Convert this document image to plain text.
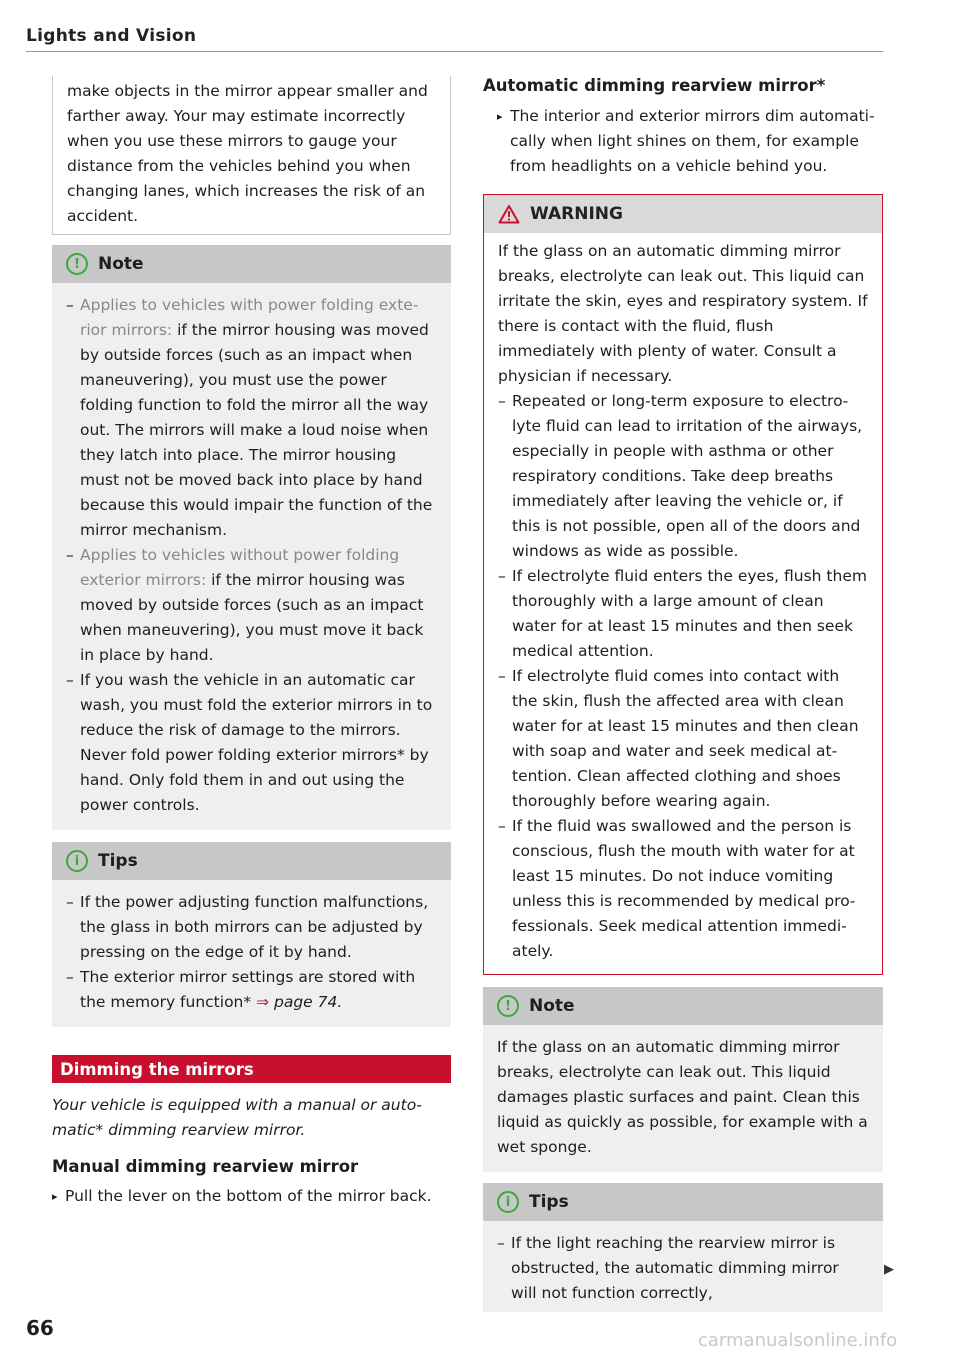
Lights and Vision

make objects in the mirror appear smaller and farther away. Your may estimate incorrectly when you use these mirrors to gauge your distance from the vehicles behind you when changing lanes, which increases the risk of an accident.

!	Note
– Applies to vehicles with power folding exterior mirrors: if the mirror housing was moved by outside forces (such as an impact when maneuvering), you must use the power folding function to fold the mirror all the way out. The mirrors will make a loud noise when they latch into place. The mirror housing must not be moved back into place by hand because this would impair the function of the mirror mechanism.
– Applies to vehicles without power folding exterior mirrors: if the mirror housing was moved by outside forces (such as an impact when maneuvering), you must move it back in place by hand.
– If you wash the vehicle in an automatic car wash, you must fold the exterior mirrors in to reduce the risk of damage to the mirrors. Never fold power folding exterior mirrors* by hand. Only fold them in and out using the power controls.
i	Tips
– If the power adjusting function malfunctions, the glass in both mirrors can be adjusted by pressing on the edge of it by hand.
– The exterior mirror settings are stored with the memory function* ⇒ page 74.
Dimming the mirrors

Your vehicle is equipped with a manual or automatic* dimming rearview mirror.

Manual dimming rearview mirror
▸ Pull the lever on the bottom of the mirror back.

Automatic dimming rearview mirror*
▸ The interior and exterior mirrors dim automatically when light shines on them, for example from headlights on a vehicle behind you.

WARNING

If the glass on an automatic dimming mirror breaks, electrolyte can leak out. This liquid can irritate the skin, eyes and respiratory system. If there is contact with the fluid, flush immediately with plenty of water. Consult a physician if necessary.

– Repeated or long-term exposure to electrolyte fluid can lead to irritation of the airways, especially in people with asthma or other respiratory conditions. Take deep breaths immediately after leaving the vehicle or, if this is not possible, open all of the doors and windows as wide as possible.
– If electrolyte fluid enters the eyes, flush them thoroughly with a large amount of clean water for at least 15 minutes and then seek medical attention.
– If electrolyte fluid comes into contact with the skin, flush the affected area with clean water for at least 15 minutes and then clean with soap and water and seek medical attention. Clean affected clothing and shoes thoroughly before wearing again.
– If the fluid was swallowed and the person is conscious, flush the mouth with water for at least 15 minutes. Do not induce vomiting unless this is recommended by medical professionals. Seek medical attention immediately.
!	Note

If the glass on an automatic dimming mirror breaks, electrolyte can leak out. This liquid damages plastic surfaces and paint. Clean this liquid as quickly as possible, for example with a wet sponge.

i	Tips
– If the light reaching the rearview mirror is obstructed, the automatic dimming mirror will not function correctly,
▶
66
carmanualsonline.info
